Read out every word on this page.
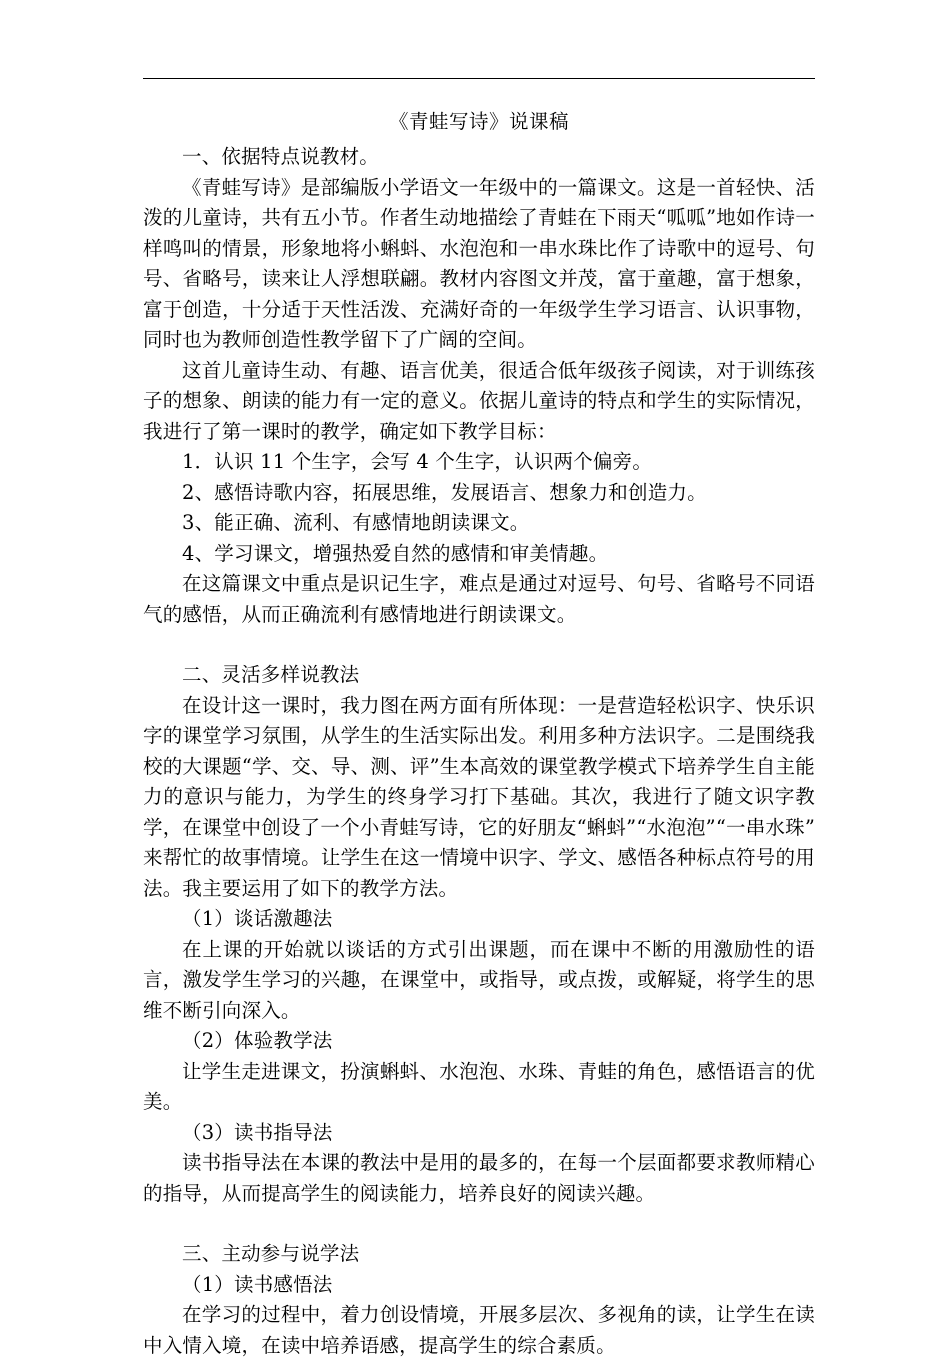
《青蛙写诗》说课稿

一、依据特点说教材。

《青蛙写诗》是部编版小学语文一年级中的一篇课文。这是一首轻快、活泼的儿童诗，共有五小节。作者生动地描绘了青蛙在下雨天“呱呱”地如作诗一样鸣叫的情景，形象地将小蝌蚪、水泡泡和一串水珠比作了诗歌中的逗号、句号、省略号，读来让人浮想联翩。教材内容图文并茂，富于童趣，富于想象，富于创造，十分适于天性活泼、充满好奇的一年级学生学习语言、认识事物，同时也为教师创造性教学留下了广阔的空间。

这首儿童诗生动、有趣、语言优美，很适合低年级孩子阅读，对于训练孩子的想象、朗读的能力有一定的意义。依据儿童诗的特点和学生的实际情况，我进行了第一课时的教学，确定如下教学目标：

1．认识 11 个生字，会写 4 个生字，认识两个偏旁。

2、感悟诗歌内容，拓展思维，发展语言、想象力和创造力。

3、能正确、流利、有感情地朗读课文。

4、学习课文，增强热爱自然的感情和审美情趣。

在这篇课文中重点是识记生字，难点是通过对逗号、句号、省略号不同语气的感悟，从而正确流利有感情地进行朗读课文。

二、灵活多样说教法

在设计这一课时，我力图在两方面有所体现：一是营造轻松识字、快乐识字的课堂学习氛围，从学生的生活实际出发。利用多种方法识字。二是围绕我校的大课题“学、交、导、测、评”生本高效的课堂教学模式下培养学生自主能力的意识与能力，为学生的终身学习打下基础。其次，我进行了随文识字教学，在课堂中创设了一个小青蛙写诗，它的好朋友“蝌蚪”“水泡泡”“一串水珠”来帮忙的故事情境。让学生在这一情境中识字、学文、感悟各种标点符号的用法。我主要运用了如下的教学方法。

（1）谈话激趣法

在上课的开始就以谈话的方式引出课题，而在课中不断的用激励性的语言，激发学生学习的兴趣，在课堂中，或指导，或点拨，或解疑，将学生的思维不断引向深入。

（2）体验教学法

让学生走进课文，扮演蝌蚪、水泡泡、水珠、青蛙的角色，感悟语言的优美。

（3）读书指导法

读书指导法在本课的教法中是用的最多的，在每一个层面都要求教师精心的指导，从而提高学生的阅读能力，培养良好的阅读兴趣。

三、主动参与说学法

（1）读书感悟法

在学习的过程中，着力创设情境，开展多层次、多视角的读，让学生在读中入情入境，在读中培养语感，提高学生的综合素质。
